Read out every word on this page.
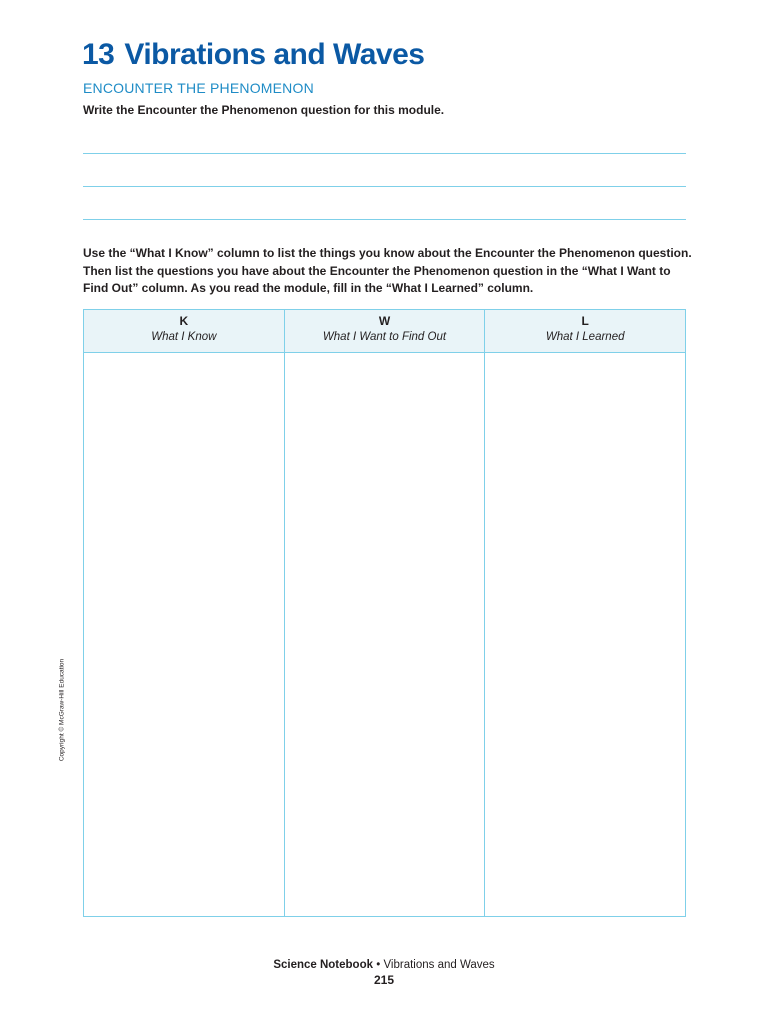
13 Vibrations and Waves
ENCOUNTER THE PHENOMENON
Write the Encounter the Phenomenon question for this module.
Use the “What I Know” column to list the things you know about the Encounter the Phenomenon question. Then list the questions you have about the Encounter the Phenomenon question in the “What I Want to Find Out” column. As you read the module, fill in the “What I Learned” column.
K
What I Know
W
What I Want to Find Out
L
What I Learned
Copyright © McGraw-Hill Education
Science Notebook • Vibrations and Waves
215
